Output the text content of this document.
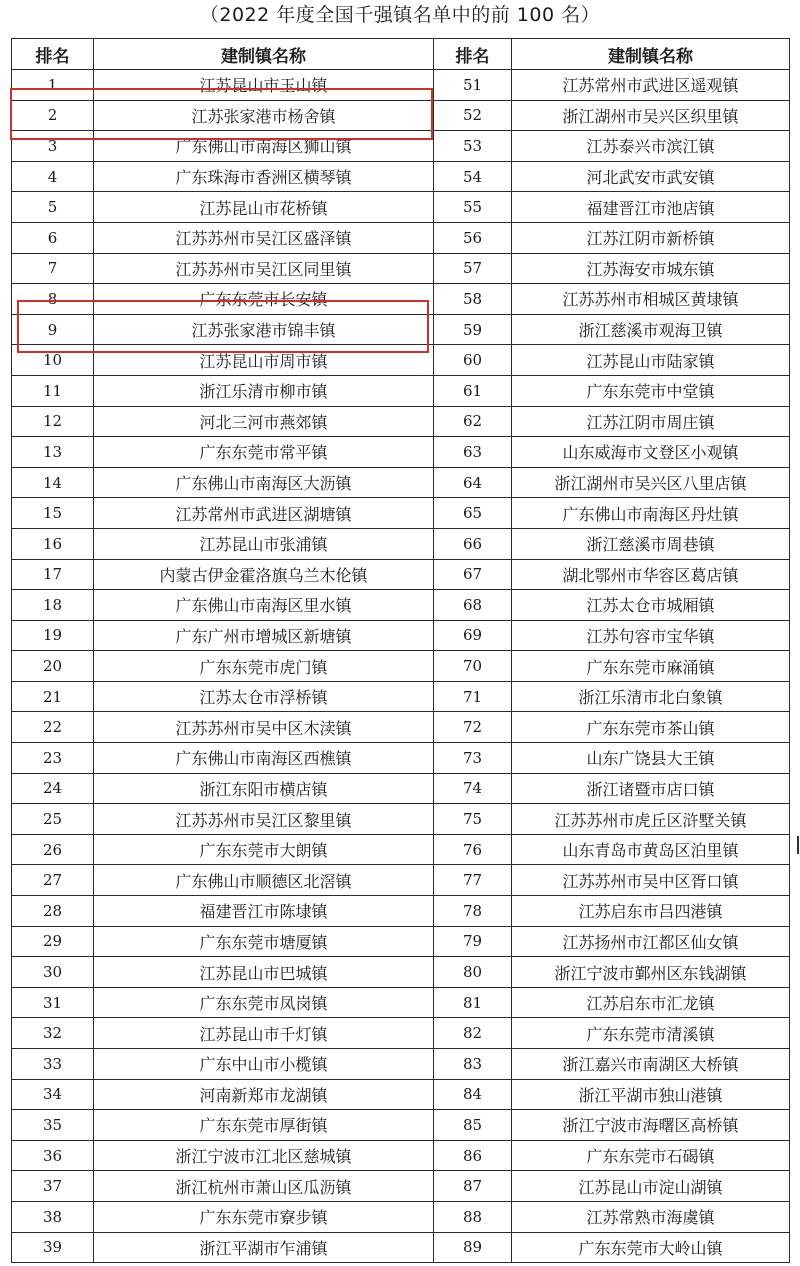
（2022 年度全国千强镇名单中的前 100 名）
排名	建制镇名称	排名	建制镇名称
1	江苏昆山市玉山镇	51	江苏常州市武进区遥观镇
2	江苏张家港市杨舍镇	52	浙江湖州市吴兴区织里镇
3	广东佛山市南海区狮山镇	53	江苏泰兴市滨江镇
4	广东珠海市香洲区横琴镇	54	河北武安市武安镇
5	江苏昆山市花桥镇	55	福建晋江市池店镇
6	江苏苏州市吴江区盛泽镇	56	江苏江阴市新桥镇
7	江苏苏州市吴江区同里镇	57	江苏海安市城东镇
8	广东东莞市长安镇	58	江苏苏州市相城区黄埭镇
9	江苏张家港市锦丰镇	59	浙江慈溪市观海卫镇
10	江苏昆山市周市镇	60	江苏昆山市陆家镇
11	浙江乐清市柳市镇	61	广东东莞市中堂镇
12	河北三河市燕郊镇	62	江苏江阴市周庄镇
13	广东东莞市常平镇	63	山东威海市文登区小观镇
14	广东佛山市南海区大沥镇	64	浙江湖州市吴兴区八里店镇
15	江苏常州市武进区湖塘镇	65	广东佛山市南海区丹灶镇
16	江苏昆山市张浦镇	66	浙江慈溪市周巷镇
17	内蒙古伊金霍洛旗乌兰木伦镇	67	湖北鄂州市华容区葛店镇
18	广东佛山市南海区里水镇	68	江苏太仓市城厢镇
19	广东广州市增城区新塘镇	69	江苏句容市宝华镇
20	广东东莞市虎门镇	70	广东东莞市麻涌镇
21	江苏太仓市浮桥镇	71	浙江乐清市北白象镇
22	江苏苏州市吴中区木渎镇	72	广东东莞市茶山镇
23	广东佛山市南海区西樵镇	73	山东广饶县大王镇
24	浙江东阳市横店镇	74	浙江诸暨市店口镇
25	江苏苏州市吴江区黎里镇	75	江苏苏州市虎丘区浒墅关镇
26	广东东莞市大朗镇	76	山东青岛市黄岛区泊里镇
27	广东佛山市顺德区北滘镇	77	江苏苏州市吴中区胥口镇
28	福建晋江市陈埭镇	78	江苏启东市吕四港镇
29	广东东莞市塘厦镇	79	江苏扬州市江都区仙女镇
30	江苏昆山市巴城镇	80	浙江宁波市鄞州区东钱湖镇
31	广东东莞市凤岗镇	81	江苏启东市汇龙镇
32	江苏昆山市千灯镇	82	广东东莞市清溪镇
33	广东中山市小榄镇	83	浙江嘉兴市南湖区大桥镇
34	河南新郑市龙湖镇	84	浙江平湖市独山港镇
35	广东东莞市厚街镇	85	浙江宁波市海曙区高桥镇
36	浙江宁波市江北区慈城镇	86	广东东莞市石碣镇
37	浙江杭州市萧山区瓜沥镇	87	江苏昆山市淀山湖镇
38	广东东莞市寮步镇	88	江苏常熟市海虞镇
39	浙江平湖市乍浦镇	89	广东东莞市大岭山镇
